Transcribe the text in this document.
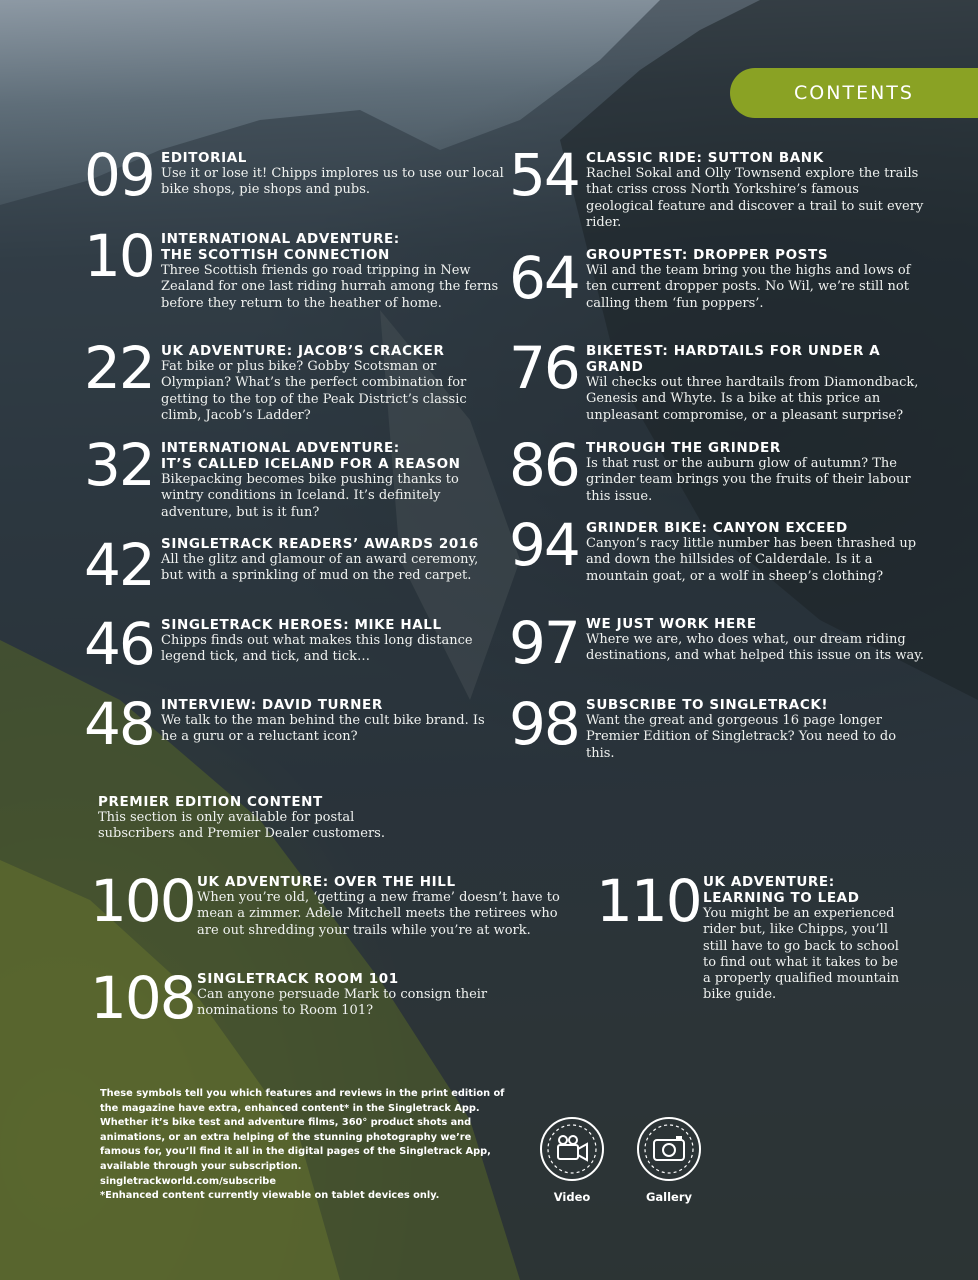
CONTENTS
09 EDITORIAL
Use it or lose it! Chipps implores us to use our local bike shops, pie shops and pubs.
10 INTERNATIONAL ADVENTURE:
THE SCOTTISH CONNECTION
Three Scottish friends go road tripping in New Zealand for one last riding hurrah among the ferns before they return to the heather of home.
22 UK ADVENTURE: JACOB’S CRACKER
Fat bike or plus bike? Gobby Scotsman or Olympian? What’s the perfect combination for getting to the top of the Peak District’s classic climb, Jacob’s Ladder?
32 INTERNATIONAL ADVENTURE:
IT’S CALLED ICELAND FOR A REASON
Bikepacking becomes bike pushing thanks to wintry conditions in Iceland. It’s definitely adventure, but is it fun?
42 SINGLETRACK READERS’ AWARDS 2016
All the glitz and glamour of an award ceremony, but with a sprinkling of mud on the red carpet.
46 SINGLETRACK HEROES: MIKE HALL
Chipps finds out what makes this long distance legend tick, and tick, and tick…
48 INTERVIEW: DAVID TURNER
We talk to the man behind the cult bike brand. Is he a guru or a reluctant icon?
54 CLASSIC RIDE: SUTTON BANK
Rachel Sokal and Olly Townsend explore the trails that criss cross North Yorkshire’s famous geological feature and discover a trail to suit every rider.
64 GROUPTEST: DROPPER POSTS
Wil and the team bring you the highs and lows of ten current dropper posts. No Wil, we’re still not calling them ‘fun poppers’.
76 BIKETEST: HARDTAILS FOR UNDER A GRAND
Wil checks out three hardtails from Diamondback, Genesis and Whyte. Is a bike at this price an unpleasant compromise, or a pleasant surprise?
86 THROUGH THE GRINDER
Is that rust or the auburn glow of autumn? The grinder team brings you the fruits of their labour this issue.
94 GRINDER BIKE: CANYON EXCEED
Canyon’s racy little number has been thrashed up and down the hillsides of Calderdale. Is it a mountain goat, or a wolf in sheep’s clothing?
97 WE JUST WORK HERE
Where we are, who does what, our dream riding destinations, and what helped this issue on its way.
98 SUBSCRIBE TO SINGLETRACK!
Want the great and gorgeous 16 page longer Premier Edition of Singletrack? You need to do this.
PREMIER EDITION CONTENT
This section is only available for postal subscribers and Premier Dealer customers.
100 UK ADVENTURE: OVER THE HILL
When you’re old, ‘getting a new frame’ doesn’t have to mean a zimmer. Adele Mitchell meets the retirees who are out shredding your trails while you’re at work.
108 SINGLETRACK ROOM 101
Can anyone persuade Mark to consign their nominations to Room 101?
110 UK ADVENTURE:
LEARNING TO LEAD
You might be an experienced rider but, like Chipps, you’ll still have to go back to school to find out what it takes to be a properly qualified mountain bike guide.
These symbols tell you which features and reviews in the print edition of the magazine have extra, enhanced content* in the Singletrack App. Whether it’s bike test and adventure films, 360° product shots and animations, or an extra helping of the stunning photography we’re famous for, you’ll find it all in the digital pages of the Singletrack App, available through your subscription.
singletrackworld.com/subscribe
*Enhanced content currently viewable on tablet devices only.	Video	Gallery
